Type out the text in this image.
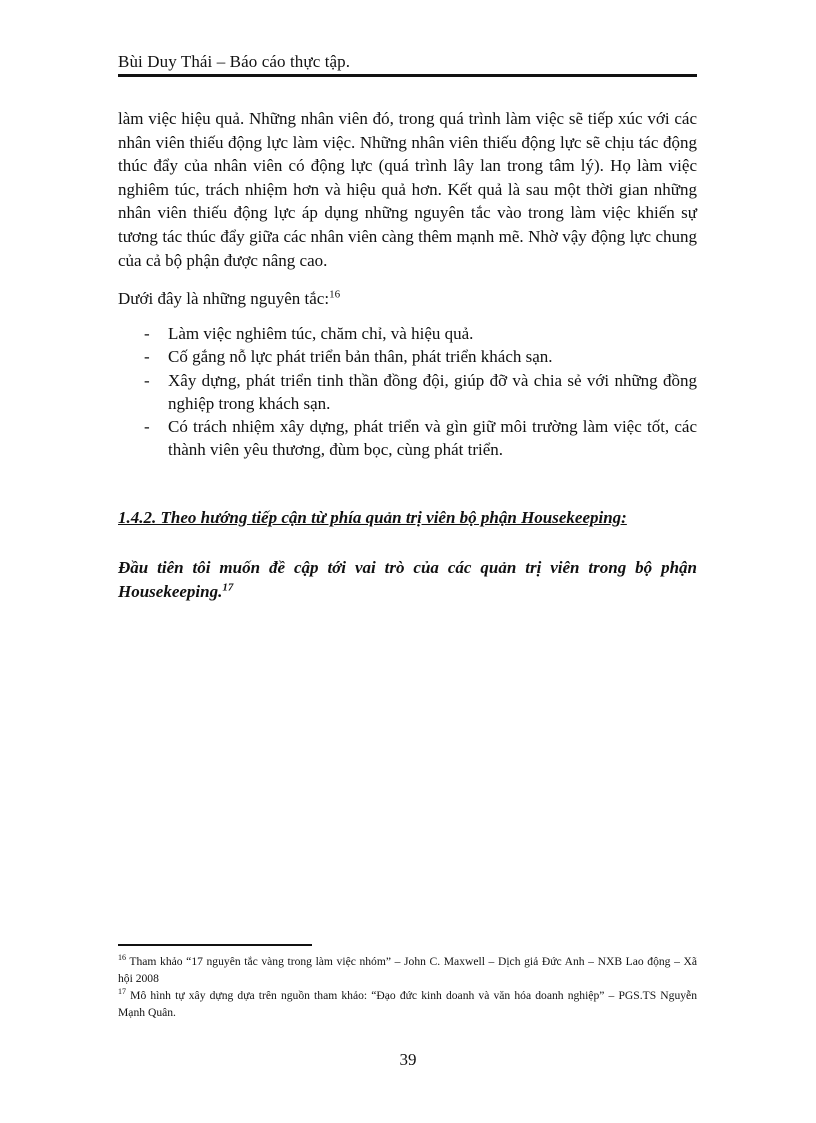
Bùi Duy Thái – Báo cáo thực tập.

làm việc hiệu quả. Những nhân viên đó, trong quá trình làm việc sẽ tiếp xúc với các nhân viên thiếu động lực làm việc. Những nhân viên thiếu động lực sẽ chịu tác động thúc đẩy của nhân viên có động lực (quá trình lây lan trong tâm lý). Họ làm việc nghiêm túc, trách nhiệm hơn và hiệu quả hơn. Kết quả là sau một thời gian những nhân viên thiếu động lực áp dụng những nguyên tắc vào trong làm việc khiến sự tương tác thúc đẩy giữa các nhân viên càng thêm mạnh mẽ. Nhờ vậy động lực chung của cả bộ phận được nâng cao.

Dưới đây là những nguyên tắc:$^{16}$

- Làm việc nghiêm túc, chăm chỉ, và hiệu quả.
- Cố gắng nỗ lực phát triển bản thân, phát triển khách sạn.
- Xây dựng, phát triển tinh thần đồng đội, giúp đỡ và chia sẻ với những đồng nghiệp trong khách sạn.
- Có trách nhiệm xây dựng, phát triển và gìn giữ môi trường làm việc tốt, các thành viên yêu thương, đùm bọc, cùng phát triển.
1.4.2. Theo hướng tiếp cận từ phía quản trị viên bộ phận Housekeeping:

Đầu tiên tôi muốn đề cập tới vai trò của các quản trị viên trong bộ phận Housekeeping.$^{17}$

$^{16}$ Tham khảo “17 nguyên tắc vàng trong làm việc nhóm” – John C. Maxwell – Dịch giả Đức Anh – NXB Lao động – Xã hội 2008

$^{17}$ Mô hình tự xây dựng dựa trên nguồn tham khảo: “Đạo đức kinh doanh và văn hóa doanh nghiệp” – PGS.TS Nguyễn Mạnh Quân.

39
